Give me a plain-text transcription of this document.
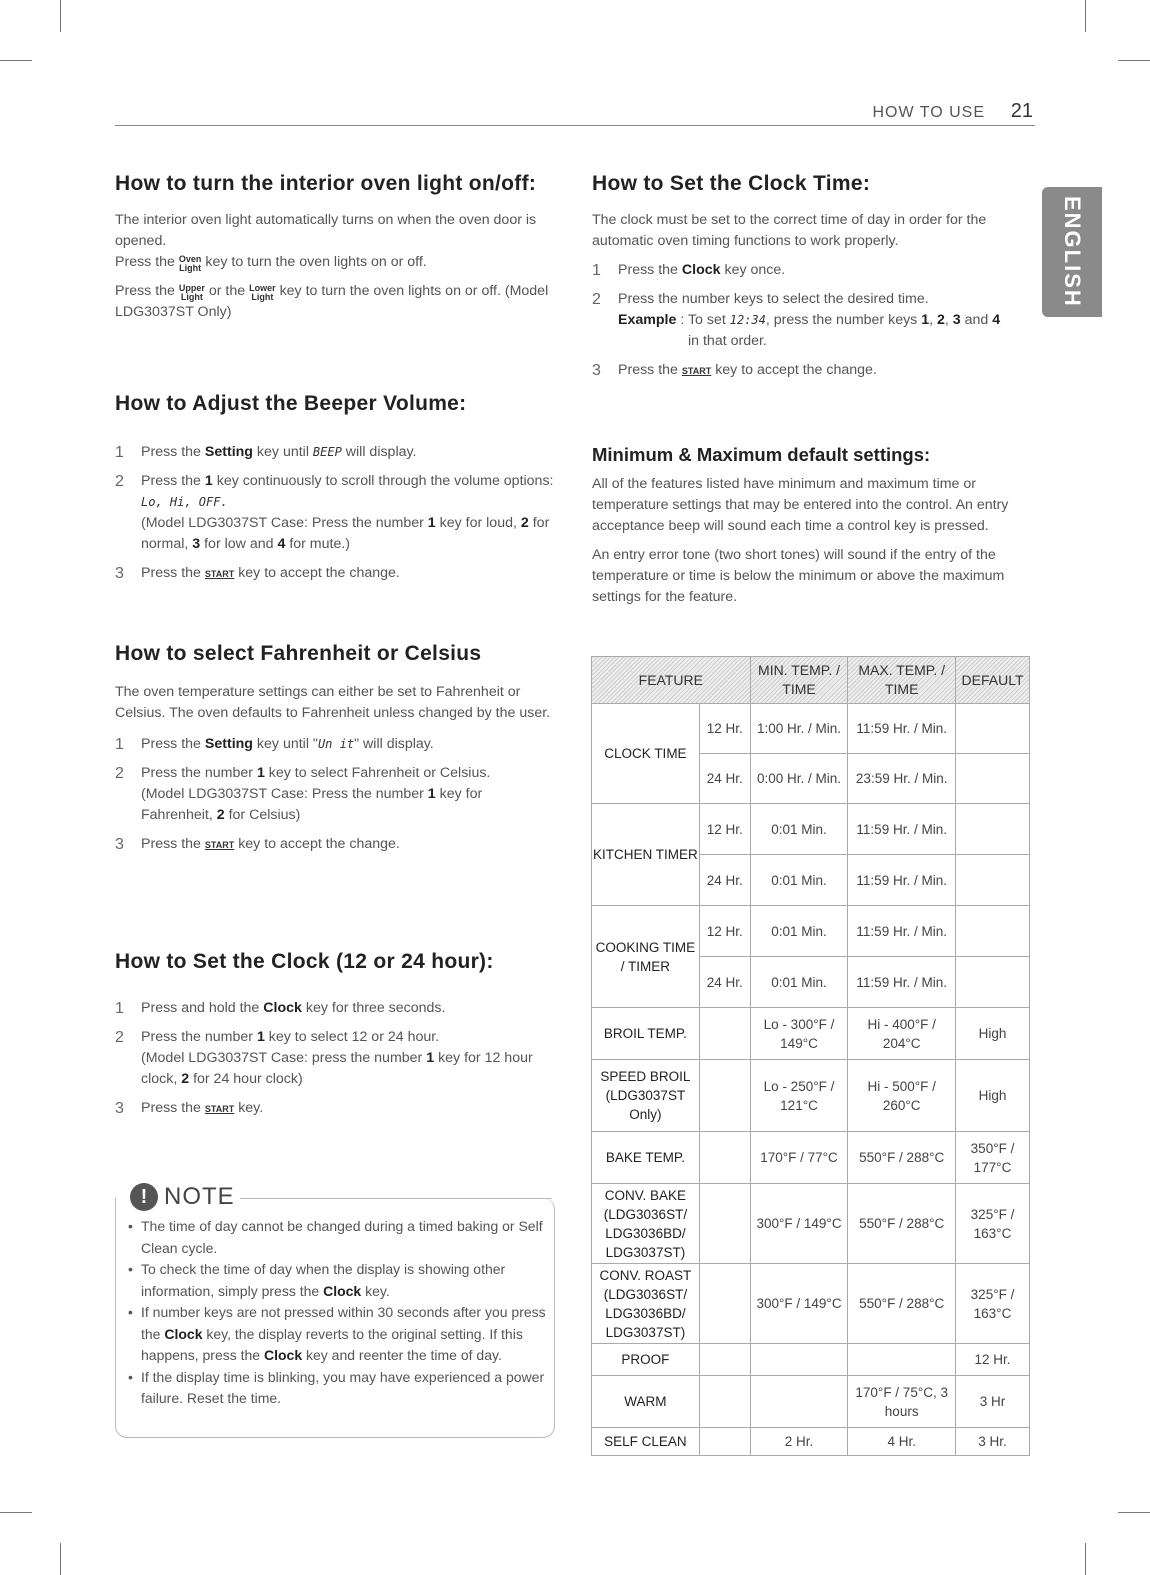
HOW TO USE 21
ENGLISH
How to turn the interior oven light on/off:

The interior oven light automatically turns on when the oven door is opened.

Press the Oven
Light key to turn the oven lights on or off.

Press the Upper
Light or the Lower
Light key to turn the oven lights on or off. (Model LDG3037ST Only)

How to Adjust the Beeper Volume:
1 Press the Setting key until BEEP will display.
2 Press the 1 key continuously to scroll through the volume options: Lo, Hi, OFF.
(Model LDG3037ST Case: Press the number 1 key for loud, 2 for normal, 3 for low and 4 for mute.)
3 Press the START key to accept the change.
How to select Fahrenheit or Celsius

The oven temperature settings can either be set to Fahrenheit or Celsius. The oven defaults to Fahrenheit unless changed by the user.

1 Press the Setting key until "Un it" will display.
2 Press the number 1 key to select Fahrenheit or Celsius.
(Model LDG3037ST Case: Press the number 1 key for Fahrenheit, 2 for Celsius)
3 Press the START key to accept the change.
How to Set the Clock (12 or 24 hour):
1 Press and hold the Clock key for three seconds.
2 Press the number 1 key to select 12 or 24 hour.
(Model LDG3037ST Case: press the number 1 key for 12 hour clock, 2 for 24 hour clock)
3 Press the START key.
• The time of day cannot be changed during a timed baking or Self Clean cycle.
• To check the time of day when the display is showing other information, simply press the Clock key.
• If number keys are not pressed within 30 seconds after you press the Clock key, the display reverts to the original setting. If this happens, press the Clock key and reenter the time of day.
• If the display time is blinking, you may have experienced a power failure. Reset the time.
! NOTE
How to Set the Clock Time:

The clock must be set to the correct time of day in order for the automatic oven timing functions to work properly.

1 Press the Clock key once.
2 Press the number keys to select the desired time.
Example : To set 12:34, press the number keys 1, 2, 3 and 4
in that order.
3 Press the START key to accept the change.
Minimum & Maximum default settings:

All of the features listed have minimum and maximum time or temperature settings that may be entered into the control. An entry acceptance beep will sound each time a control key is pressed.

An entry error tone (two short tones) will sound if the entry of the temperature or time is below the minimum or above the maximum settings for the feature.

FEATURE		MIN. TEMP. / TIME	MAX. TEMP. / TIME	DEFAULT
CLOCK TIME	12 Hr.	1:00 Hr. / Min.	11:59 Hr. / Min.	
	24 Hr.	0:00 Hr. / Min.	23:59 Hr. / Min.	
KITCHEN TIMER	12 Hr.	0:01 Min.	11:59 Hr. / Min.	
	24 Hr.	0:01 Min.	11:59 Hr. / Min.	
COOKING TIME / TIMER	12 Hr.	0:01 Min.	11:59 Hr. / Min.	
	24 Hr.	0:01 Min.	11:59 Hr. / Min.	
BROIL TEMP.		Lo - 300°F / 149°C	Hi - 400°F / 204°C	High
SPEED BROIL (LDG3037ST Only)		Lo - 250°F / 121°C	Hi - 500°F / 260°C	High
BAKE TEMP.		170°F / 77°C	550°F / 288°C	350°F / 177°C
CONV. BAKE (LDG3036ST/ LDG3036BD/ LDG3037ST)		300°F / 149°C	550°F / 288°C	325°F / 163°C
CONV. ROAST (LDG3036ST/ LDG3036BD/ LDG3037ST)		300°F / 149°C	550°F / 288°C	325°F / 163°C
PROOF				12 Hr.
WARM			170°F / 75°C, 3 hours	3 Hr
SELF CLEAN		2 Hr.	4 Hr.	3 Hr.
